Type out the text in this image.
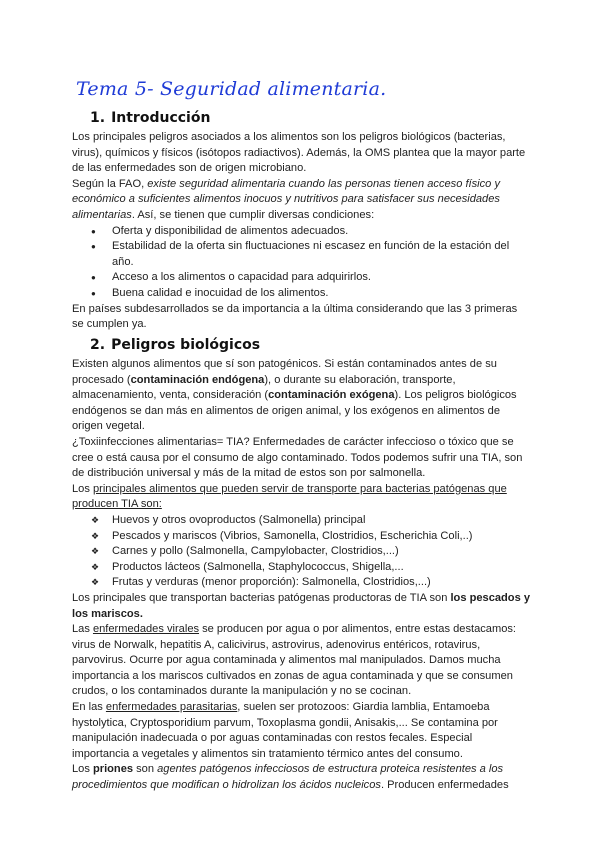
Tema 5- Seguridad alimentaria.
1. Introducción

Los principales peligros asociados a los alimentos son los peligros biológicos (bacterias, virus), químicos y físicos (isótopos radiactivos). Además, la OMS plantea que la mayor parte de las enfermedades son de origen microbiano.

Según la FAO, existe seguridad alimentaria cuando las personas tienen acceso físico y económico a suficientes alimentos inocuos y nutritivos para satisfacer sus necesidades alimentarias. Así, se tienen que cumplir diversas condiciones:

● Oferta y disponibilidad de alimentos adecuados.
● Estabilidad de la oferta sin fluctuaciones ni escasez en función de la estación del año.
● Acceso a los alimentos o capacidad para adquirirlos.
● Buena calidad e inocuidad de los alimentos.

En países subdesarrollados se da importancia a la última considerando que las 3 primeras se cumplen ya.

2. Peligros biológicos

Existen algunos alimentos que sí son patogénicos. Si están contaminados antes de su procesado (contaminación endógena), o durante su elaboración, transporte, almacenamiento, venta, consideración (contaminación exógena). Los peligros biológicos endógenos se dan más en alimentos de origen animal, y los exógenos en alimentos de origen vegetal.

¿Toxiinfecciones alimentarias= TIA? Enfermedades de carácter infeccioso o tóxico que se cree o está causa por el consumo de algo contaminado. Todos podemos sufrir una TIA, son de distribución universal y más de la mitad de estos son por salmonella.

Los principales alimentos que pueden servir de transporte para bacterias patógenas que producen TIA son:

❖ Huevos y otros ovoproductos (Salmonella) principal
❖ Pescados y mariscos (Vibrios, Samonella, Clostridios, Escherichia Coli,..)
❖ Carnes y pollo (Salmonella, Campylobacter, Clostridios,...)
❖ Productos lácteos (Salmonella, Staphylococcus, Shigella,...
❖ Frutas y verduras (menor proporción): Salmonella, Clostridios,...)

Los principales que transportan bacterias patógenas productoras de TIA son los pescados y los mariscos.

Las enfermedades virales se producen por agua o por alimentos, entre estas destacamos: virus de Norwalk, hepatitis A, calicivirus, astrovirus, adenovirus entéricos, rotavirus, parvovirus. Ocurre por agua contaminada y alimentos mal manipulados. Damos mucha importancia a los mariscos cultivados en zonas de agua contaminada y que se consumen crudos, o los contaminados durante la manipulación y no se cocinan.

En las enfermedades parasitarias, suelen ser protozoos: Giardia lamblia, Entamoeba hystolytica, Cryptosporidium parvum, Toxoplasma gondii, Anisakis,... Se contamina por manipulación inadecuada o por aguas contaminadas con restos fecales. Especial importancia a vegetales y alimentos sin tratamiento térmico antes del consumo.

Los priones son agentes patógenos infecciosos de estructura proteica resistentes a los procedimientos que modifican o hidrolizan los ácidos nucleicos. Producen enfermedades
